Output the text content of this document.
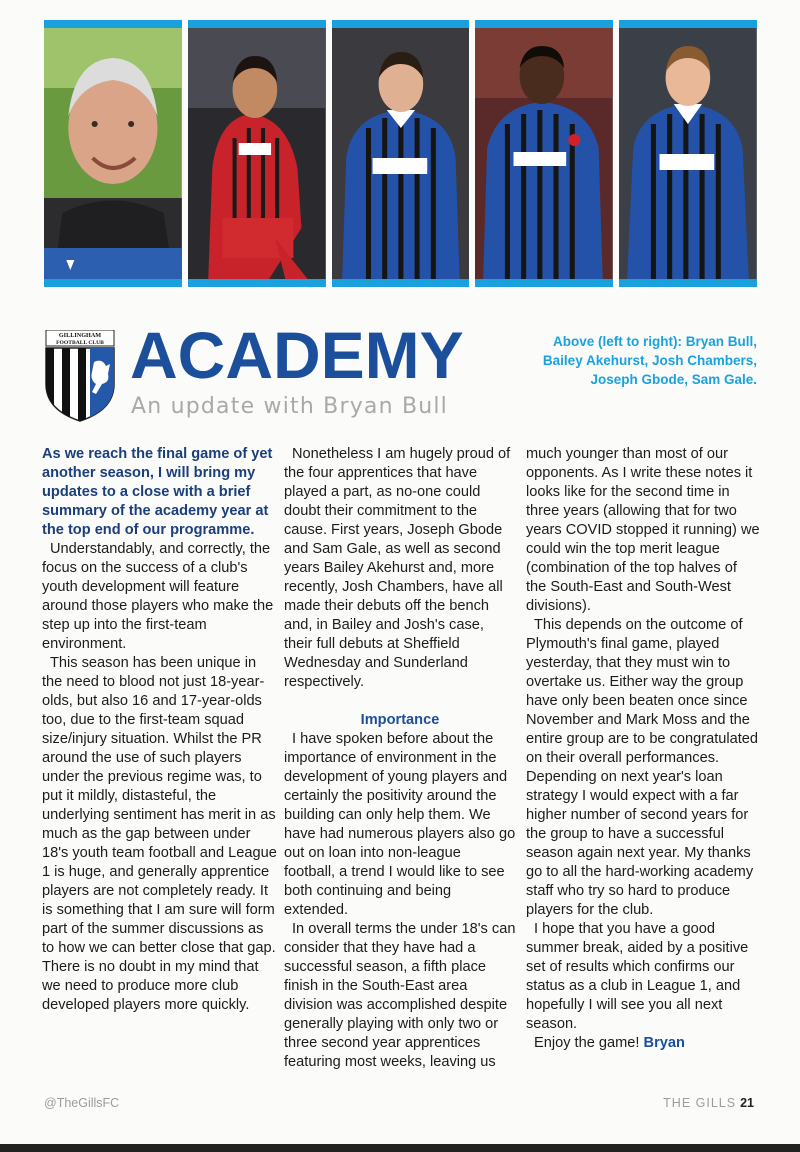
GILLINGHAM
FOOTBALL CLUB ACADEMY
An update with Bryan Bull
Above (left to right): Bryan Bull,
Bailey Akehurst, Josh Chambers,
Joseph Gbode, Sam Gale.

As we reach the final game of yet another season, I will bring my updates to a close with a brief summary of the academy year at the top end of our programme.

Understandably, and correctly, the focus on the success of a club's youth development will feature around those players who make the step up into the first-team environment.

This season has been unique in the need to blood not just 18-year-olds, but also 16 and 17-year-olds too, due to the first-team squad size/injury situation. Whilst the PR around the use of such players under the previous regime was, to put it mildly, distasteful, the underlying sentiment has merit in as much as the gap between under 18's youth team football and League 1 is huge, and generally apprentice players are not completely ready. It is something that I am sure will form part of the summer discussions as to how we can better close that gap. There is no doubt in my mind that we need to produce more club developed players more quickly.

Nonetheless I am hugely proud of the four apprentices that have played a part, as no-one could doubt their commitment to the cause. First years, Joseph Gbode and Sam Gale, as well as second years Bailey Akehurst and, more recently, Josh Chambers, have all made their debuts off the bench and, in Bailey and Josh's case, their full debuts at Sheffield Wednesday and Sunderland respectively.

Importance

I have spoken before about the importance of environment in the development of young players and certainly the positivity around the building can only help them. We have had numerous players also go out on loan into non-league football, a trend I would like to see both continuing and being extended.

In overall terms the under 18's can consider that they have had a successful season, a fifth place finish in the South-East area division was accomplished despite generally playing with only two or three second year apprentices featuring most weeks, leaving us

much younger than most of our opponents. As I write these notes it looks like for the second time in three years (allowing that for two years COVID stopped it running) we could win the top merit league (combination of the top halves of the South-East and South-West divisions).

This depends on the outcome of Plymouth's final game, played yesterday, that they must win to overtake us. Either way the group have only been beaten once since November and Mark Moss and the entire group are to be congratulated on their overall performances. Depending on next year's loan strategy I would expect with a far higher number of second years for the group to have a successful season again next year. My thanks go to all the hard-working academy staff who try so hard to produce players for the club.

I hope that you have a good summer break, aided by a positive set of results which confirms our status as a club in League 1, and hopefully I will see you all next season.

Enjoy the game! Bryan

@TheGillsFC	THE GILLS 21
